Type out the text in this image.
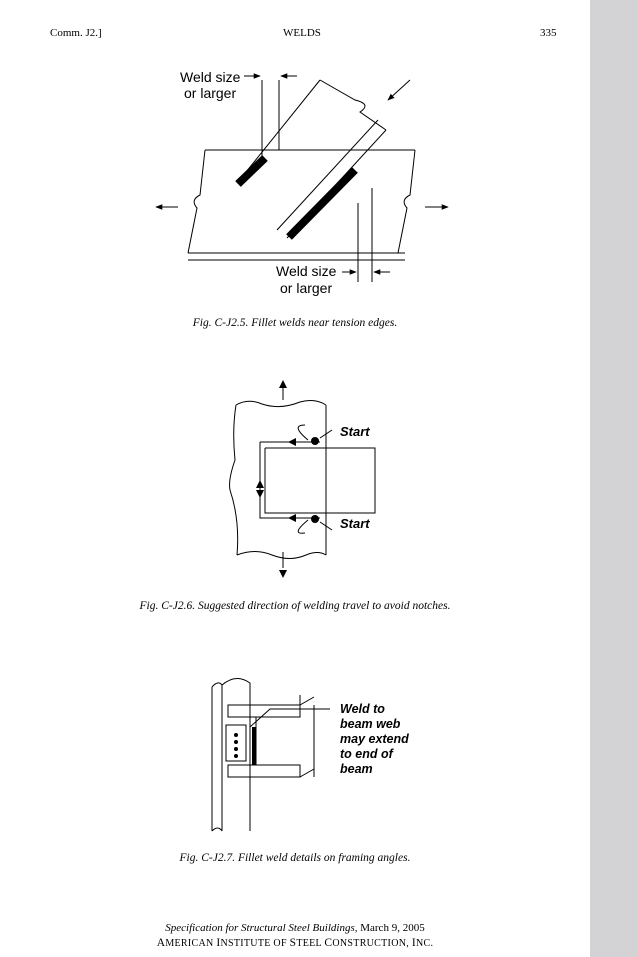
Comm. J2.]	WELDS	335
Weld size
or larger
Weld size
or larger
Fig. C-J2.5. Fillet welds near tension edges.
Start
Start
Fig. C-J2.6. Suggested direction of welding travel to avoid notches.
Weld to
beam web
may extend
to end of
beam
Fig. C-J2.7. Fillet weld details on framing angles.
Specification for Structural Steel Buildings, March 9, 2005
AMERICAN INSTITUTE OF STEEL CONSTRUCTION, INC.
